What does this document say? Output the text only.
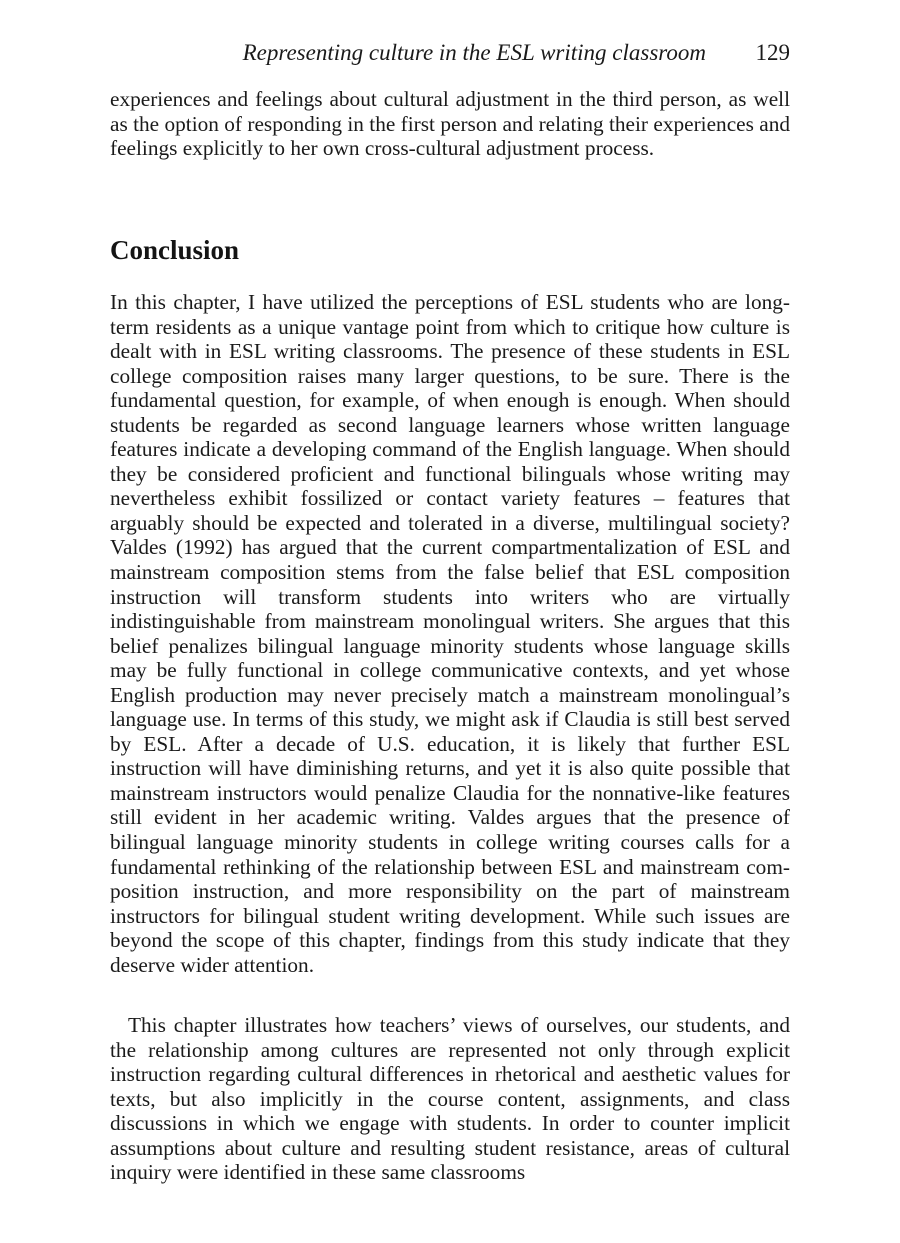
Representing culture in the ESL writing classroom 129

experiences and feelings about cultural adjustment in the third person, as well as the option of responding in the first person and relating their experiences and feelings explicitly to her own cross-cultural adjustment process.

Conclusion

In this chapter, I have utilized the perceptions of ESL students who are long-term residents as a unique vantage point from which to critique how culture is dealt with in ESL writing classrooms. The presence of these students in ESL college composition raises many larger questions, to be sure. There is the fundamental question, for example, of when enough is enough. When should students be regarded as second language learners whose written language features indicate a developing command of the English language. When should they be considered proficient and functional bilinguals whose writing may nevertheless exhibit fossilized or contact variety features – features that arguably should be expected and tolerated in a diverse, multilingual society? Valdes (1992) has argued that the current compartmentalization of ESL and mainstream composition stems from the false belief that ESL composition instruction will transform students into writers who are virtually indistinguishable from mainstream monolingual writers. She argues that this belief penalizes bilingual language minority students whose language skills may be fully functional in college communicative contexts, and yet whose English production may never precisely match a mainstream monolingual’s language use. In terms of this study, we might ask if Claudia is still best served by ESL. After a decade of U.S. education, it is likely that further ESL instruction will have diminishing returns, and yet it is also quite possible that mainstream instructors would penalize Claudia for the nonnative-like features still evident in her academic writing. Valdes argues that the presence of bilingual language minority students in college writing courses calls for a fundamental rethinking of the relationship between ESL and mainstream composition instruction, and more responsibility on the part of mainstream instructors for bilingual student writing development. While such issues are beyond the scope of this chapter, findings from this study indicate that they deserve wider attention.

This chapter illustrates how teachers’ views of ourselves, our students, and the relationship among cultures are represented not only through explicit instruction regarding cultural differences in rhetorical and aesthetic values for texts, but also implicitly in the course content, assignments, and class discussions in which we engage with students. In order to counter implicit assumptions about culture and resulting student resistance, areas of cultural inquiry were identified in these same classrooms
